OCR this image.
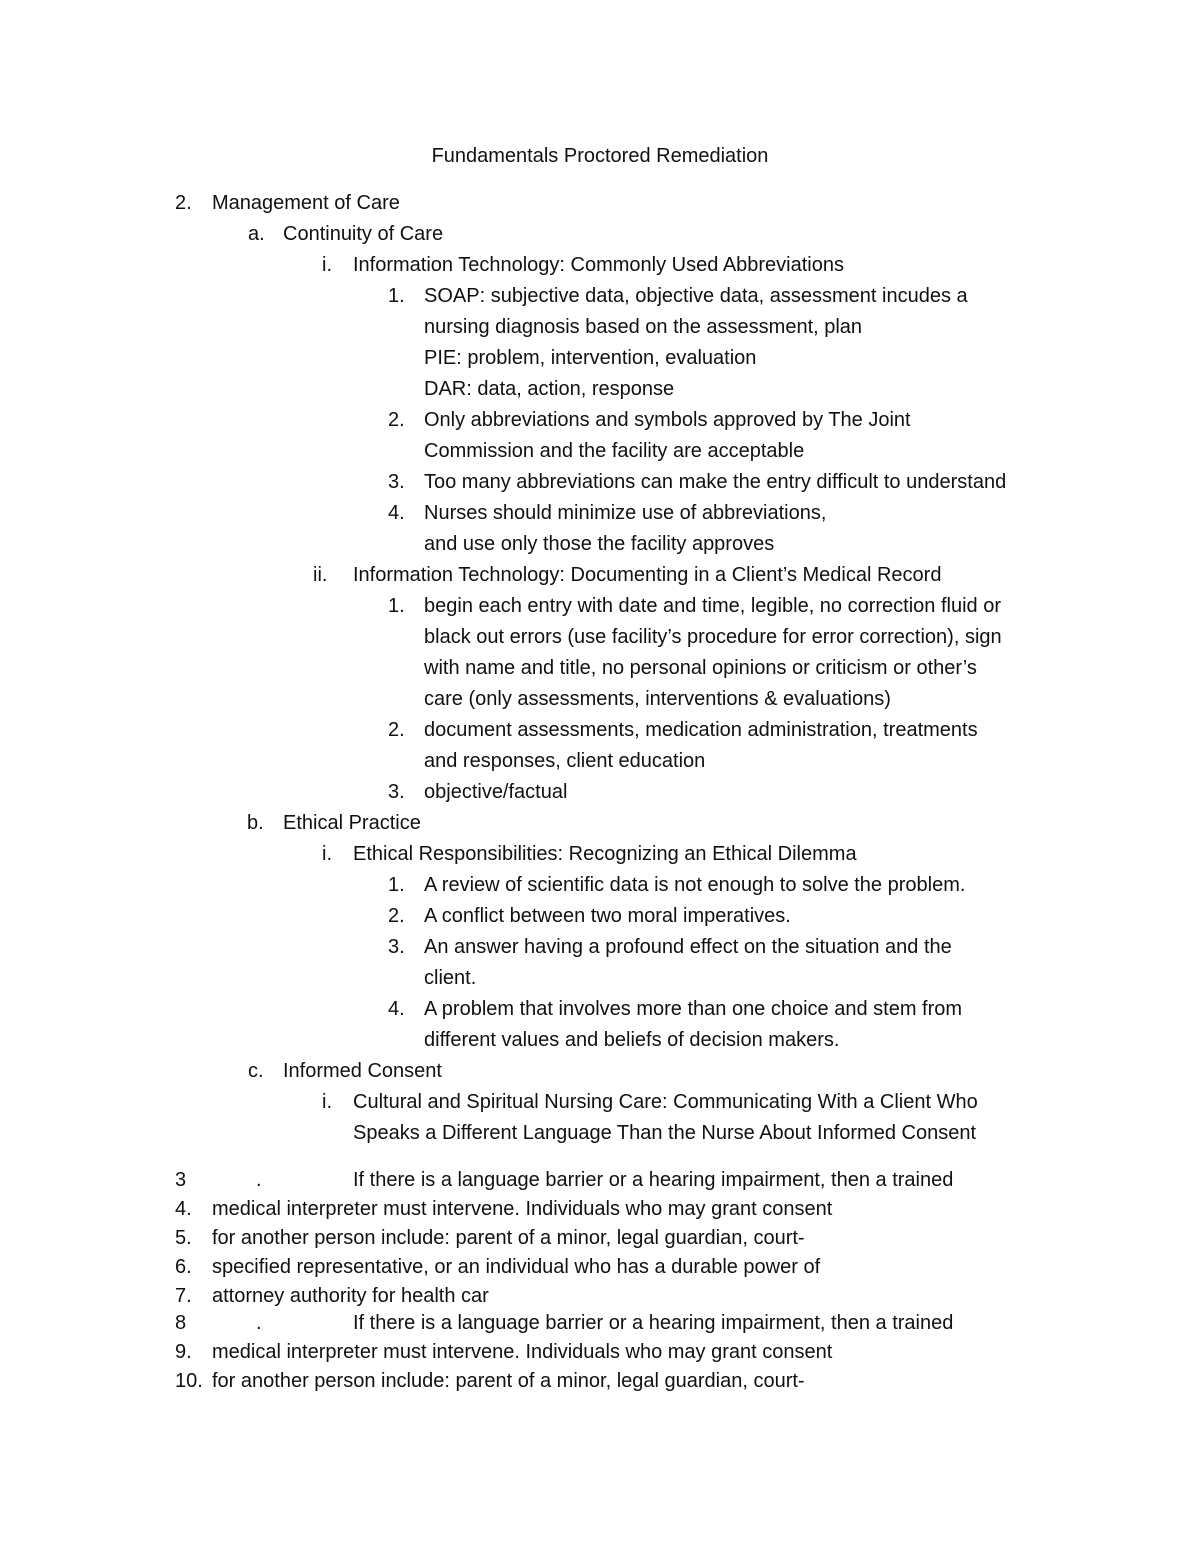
Fundamentals Proctored Remediation
2. Management of Care
a. Continuity of Care
i. Information Technology: Commonly Used Abbreviations
1. SOAP: subjective data, objective data, assessment incudes a
nursing diagnosis based on the assessment, plan
PIE: problem, intervention, evaluation
DAR: data, action, response
2. Only abbreviations and symbols approved by The Joint
Commission and the facility are acceptable
3. Too many abbreviations can make the entry difficult to understand
4. Nurses should minimize use of abbreviations,
and use only those the facility approves
ii. Information Technology: Documenting in a Client’s Medical Record
1. begin each entry with date and time, legible, no correction fluid or
black out errors (use facility’s procedure for error correction), sign
with name and title, no personal opinions or criticism or other’s
care (only assessments, interventions & evaluations)
2. document assessments, medication administration, treatments
and responses, client education
3. objective/factual
b. Ethical Practice
i. Ethical Responsibilities: Recognizing an Ethical Dilemma
1. A review of scientific data is not enough to solve the problem.
2. A conflict between two moral imperatives.
3. An answer having a profound effect on the situation and the
client.
4. A problem that involves more than one choice and stem from
different values and beliefs of decision makers.
c. Informed Consent
i. Cultural and Spiritual Nursing Care: Communicating With a Client Who
Speaks a Different Language Than the Nurse About Informed Consent
3	.	If there is a language barrier or a hearing impairment, then a trained
4. medical interpreter must intervene. Individuals who may grant consent
5. for another person include: parent of a minor, legal guardian, court-
6. specified representative, or an individual who has a durable power of
7. attorney authority for health car
8	.	If there is a language barrier or a hearing impairment, then a trained
9. medical interpreter must intervene. Individuals who may grant consent
10. for another person include: parent of a minor, legal guardian, court-
